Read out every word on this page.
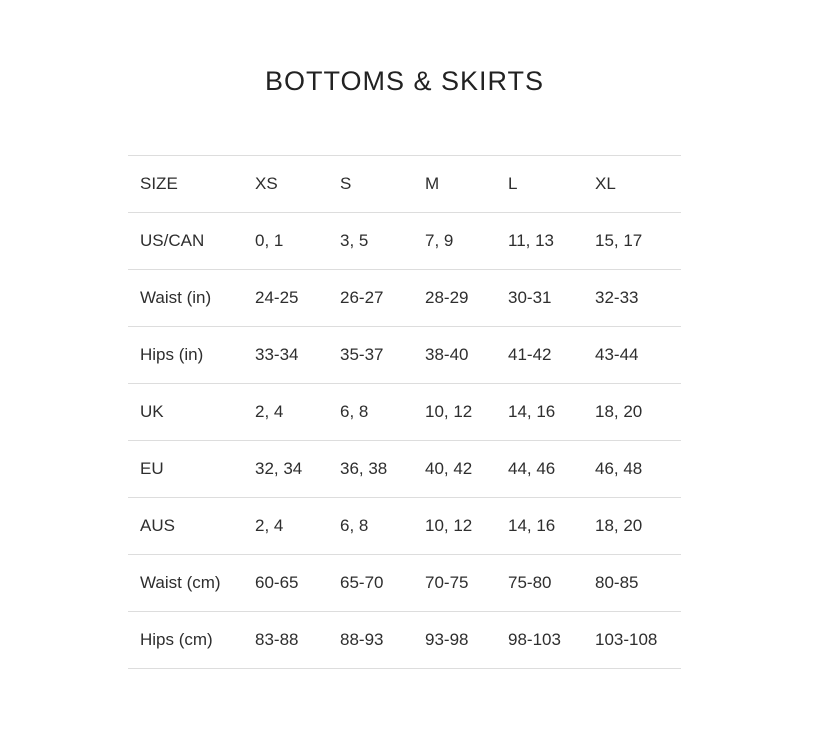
BOTTOMS & SKIRTS
SIZE	XS	S	M	L	XL
US/CAN	0, 1	3, 5	7, 9	11, 13	15, 17
Waist (in)	24-25	26-27	28-29	30-31	32-33
Hips (in)	33-34	35-37	38-40	41-42	43-44
UK	2, 4	6, 8	10, 12	14, 16	18, 20
EU	32, 34	36, 38	40, 42	44, 46	46, 48
AUS	2, 4	6, 8	10, 12	14, 16	18, 20
Waist (cm)	60-65	65-70	70-75	75-80	80-85
Hips (cm)	83-88	88-93	93-98	98-103	103-108
